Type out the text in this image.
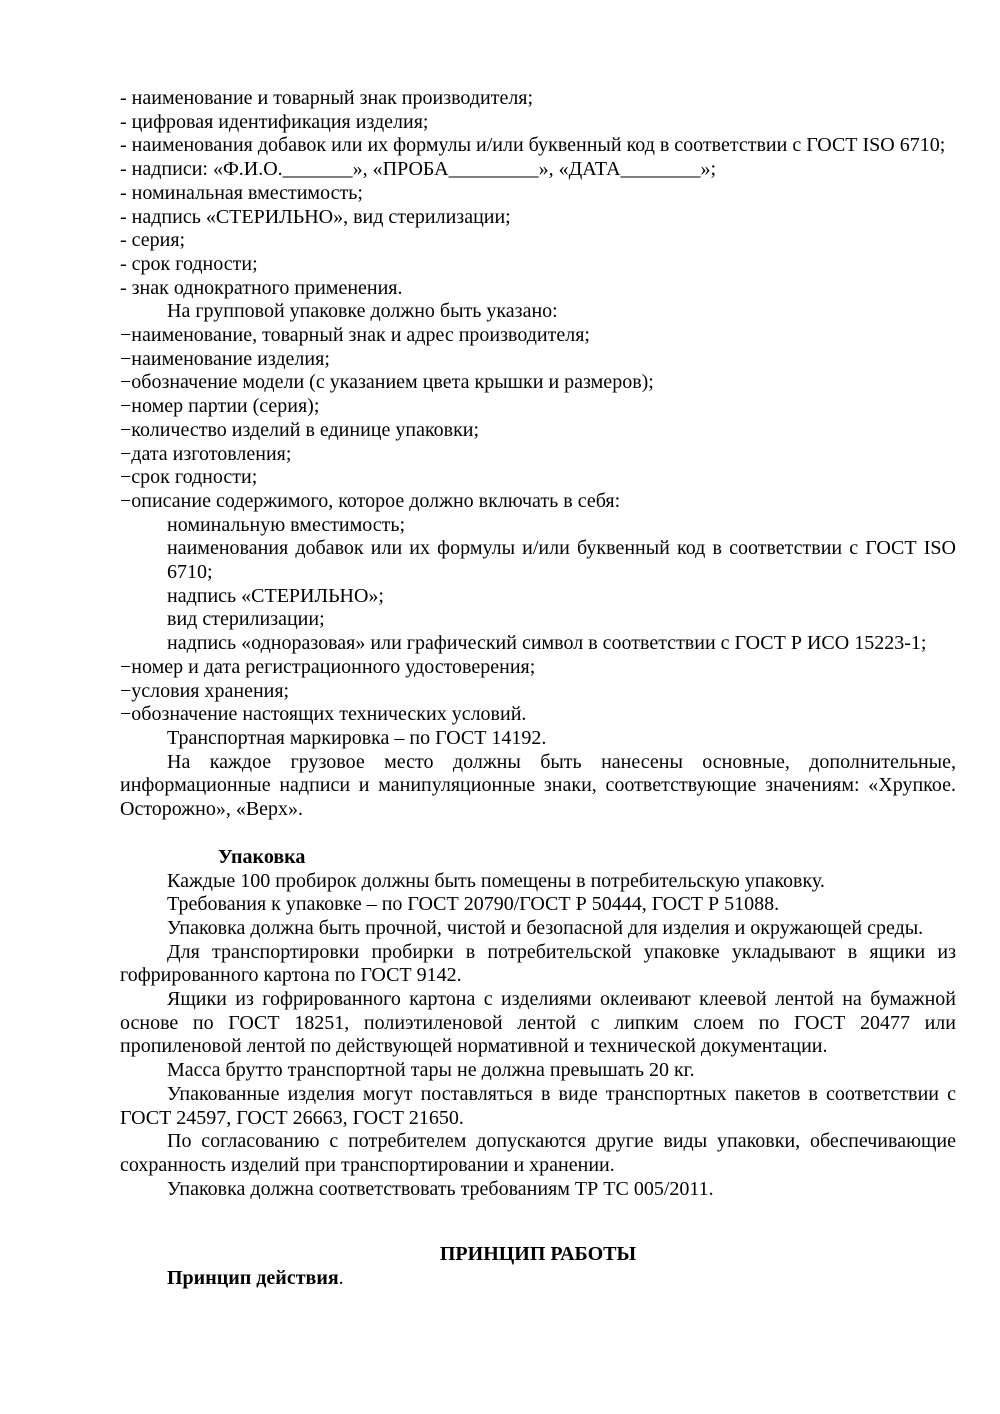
- наименование и товарный знак производителя;

- цифровая идентификация изделия;

- наименования добавок или их формулы и/или буквенный код в соответствии с ГОСТ ISO 6710;

- надписи: «Ф.И.О._______», «ПРОБА_________», «ДАТА________»;

- номинальная вместимость;

- надпись «СТЕРИЛЬНО», вид стерилизации;

- серия;

- срок годности;

- знак однократного применения.

На групповой упаковке должно быть указано:

−наименование, товарный знак и адрес производителя;

−наименование изделия;

−обозначение модели (с указанием цвета крышки и размеров);

−номер партии (серия);

−количество изделий в единице упаковки;

−дата изготовления;

−срок годности;

−описание содержимого, которое должно включать в себя:

номинальную вместимость;

наименования добавок или их формулы и/или буквенный код в соответствии с ГОСТ ISO 6710;

надпись «СТЕРИЛЬНО»;

вид стерилизации;

надпись «одноразовая» или графический символ в соответствии с ГОСТ Р ИСО 15223-1;

−номер и дата регистрационного удостоверения;

−условия хранения;

−обозначение настоящих технических условий.

Транспортная маркировка – по ГОСТ 14192.

На каждое грузовое место должны быть нанесены основные, дополнительные, информационные надписи и манипуляционные знаки, соответствующие значениям: «Хрупкое. Осторожно», «Верх».

Упаковка

Каждые 100 пробирок должны быть помещены в потребительскую упаковку.

Требования к упаковке – по ГОСТ 20790/ГОСТ Р 50444, ГОСТ Р 51088.

Упаковка должна быть прочной, чистой и безопасной для изделия и окружающей среды.

Для транспортировки пробирки в потребительской упаковке укладывают в ящики из гофрированного картона по ГОСТ 9142.

Ящики из гофрированного картона с изделиями оклеивают клеевой лентой на бумажной основе по ГОСТ 18251, полиэтиленовой лентой с липким слоем по ГОСТ 20477 или пропиленовой лентой по действующей нормативной и технической документации.

Масса брутто транспортной тары не должна превышать 20 кг.

Упакованные изделия могут поставляться в виде транспортных пакетов в соответствии с ГОСТ 24597, ГОСТ 26663, ГОСТ 21650.

По согласованию с потребителем допускаются другие виды упаковки, обеспечивающие сохранность изделий при транспортировании и хранении.

Упаковка должна соответствовать требованиям ТР ТС 005/2011.

ПРИНЦИП РАБОТЫ

Принцип действия.
